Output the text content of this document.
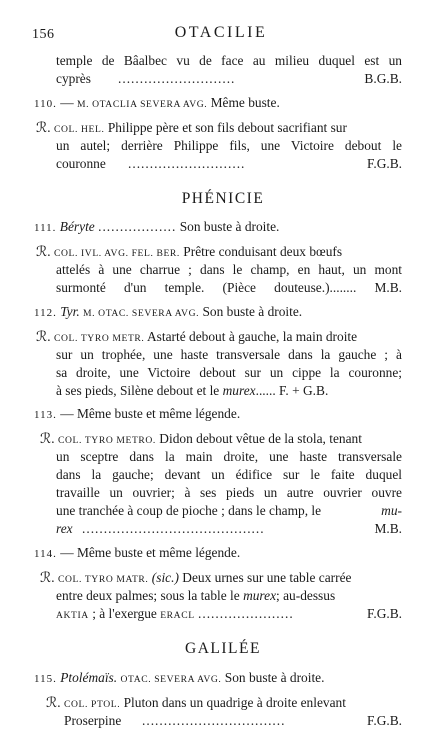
156	OTACILIE
temple de Bâalbec vu de face au milieu duquel est un
cyprès ...........................	B.G.B.
110. — M. OTACLIA SEVERA AVG. Même buste.
ℛ. COL. HEL. Philippe père et son fils debout sacrifiant sur
un autel; derrière Philippe fils, une Victoire debout le
couronne ...........................	F.G.B.
PHÉNICIE
111. Béryte .................. Son buste à droite.
ℛ. COL. IVL. AVG. FEL. BER. Prêtre conduisant deux bœufs
attelés à une charrue ; dans le champ, en haut, un mont
surmonté d'un temple. (Pièce douteuse.)........ M.B.
112. Tyr. M. OTAC. SEVERA AVG. Son buste à droite.
ℛ. COL. TYRO METR. Astarté debout à gauche, la main droite
sur un trophée, une haste transversale dans la gauche ; à
sa droite, une Victoire debout sur un cippe la couronne;
à ses pieds, Silène debout et le murex...... F. + G.B.
113. — Même buste et même légende.
ℛ. COL. TYRO METRO. Didon debout vêtue de la stola, tenant
un sceptre dans la main droite, une haste transversale
dans la gauche; devant un édifice sur le faite duquel
travaille un ouvrier; à ses pieds un autre ouvrier ouvre
une tranchée à coup de pioche ; dans le champ, le	mu-
rex ..........................................	M.B.
114. — Même buste et même légende.
ℛ. COL. TYRO MATR. (sic.) Deux urnes sur une table carrée
entre deux palmes; sous la table le murex; au-dessus
AKTIA ; à l'exergue ERACL ......................	F.G.B.
GALILÉE
115. Ptolémaïs. OTAC. SEVERA AVG. Son buste à droite.
ℛ. COL. PTOL. Pluton dans un quadrige à droite enlevant
Proserpine .................................	F.G.B.
